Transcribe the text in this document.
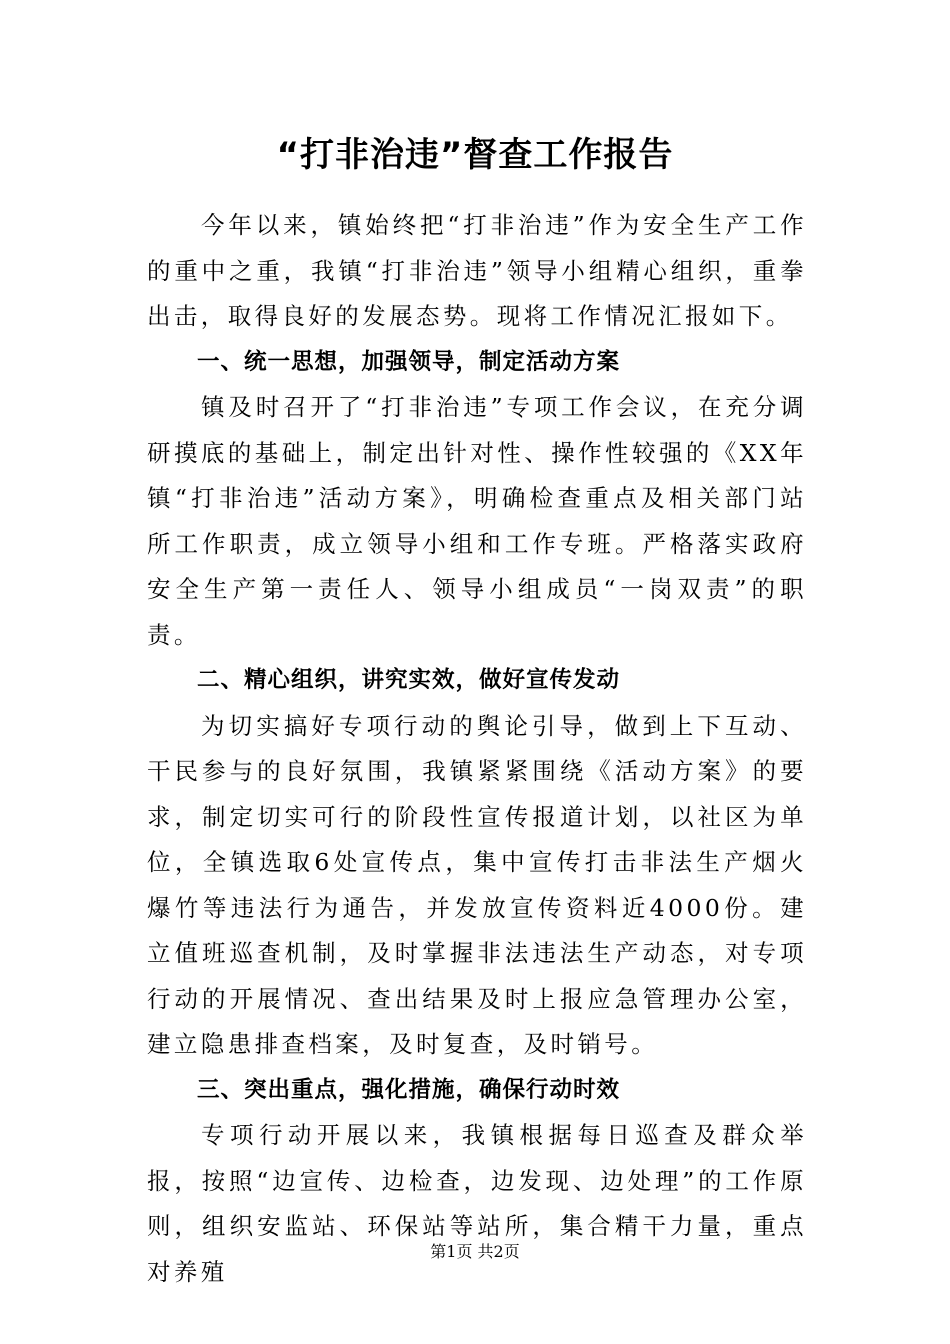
“打非治违”督查工作报告

今年以来，镇始终把“打非治违”作为安全生产工作的重中之重，我镇“打非治违”领导小组精心组织，重拳出击，取得良好的发展态势。现将工作情况汇报如下。

一、统一思想，加强领导，制定活动方案

镇及时召开了“打非治违”专项工作会议，在充分调研摸底的基础上，制定出针对性、操作性较强的《XX年镇“打非治违”活动方案》，明确检查重点及相关部门站所工作职责，成立领导小组和工作专班。严格落实政府安全生产第一责任人、领导小组成员“一岗双责”的职责。

二、精心组织，讲究实效，做好宣传发动

为切实搞好专项行动的舆论引导，做到上下互动、干民参与的良好氛围，我镇紧紧围绕《活动方案》的要求，制定切实可行的阶段性宣传报道计划，以社区为单位，全镇选取6处宣传点，集中宣传打击非法生产烟火爆竹等违法行为通告，并发放宣传资料近4000份。建立值班巡查机制，及时掌握非法违法生产动态，对专项行动的开展情况、查出结果及时上报应急管理办公室，建立隐患排查档案，及时复查，及时销号。

三、突出重点，强化措施，确保行动时效

专项行动开展以来，我镇根据每日巡查及群众举报，按照“边宣传、边检查，边发现、边处理”的工作原则，组织安监站、环保站等站所，集合精干力量，重点对养殖

第1页 共2页
